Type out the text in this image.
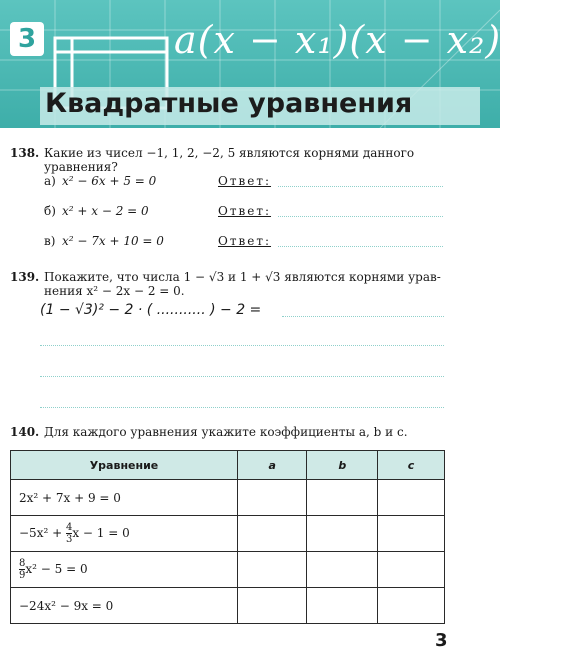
3	a(x − x₁)(x − x₂) + c
Квадратные уравнения
138. Какие из чисел −1, 1, 2, −2, 5 являются корнями данного
уравнения?
а) x² − 6x + 5 = 0	Ответ:
б) x² + x − 2 = 0	Ответ:
в) x² − 7x + 10 = 0	Ответ:
139. Покажите, что числа 1 − √3 и 1 + √3 являются корнями урав-
нения x² − 2x − 2 = 0.
(1 − √3)² − 2 · ( ........... ) − 2 =
140. Для каждого уравнения укажите коэффициенты a, b и c.
Уравнение	a	b	c
2x² + 7x + 9 = 0			
$-5x^2 + \frac{4}{3}$ x − 1 = 0			

$\frac{8}{9} x^2 - 5 = 0$			
−24x² − 9x = 0			
3
